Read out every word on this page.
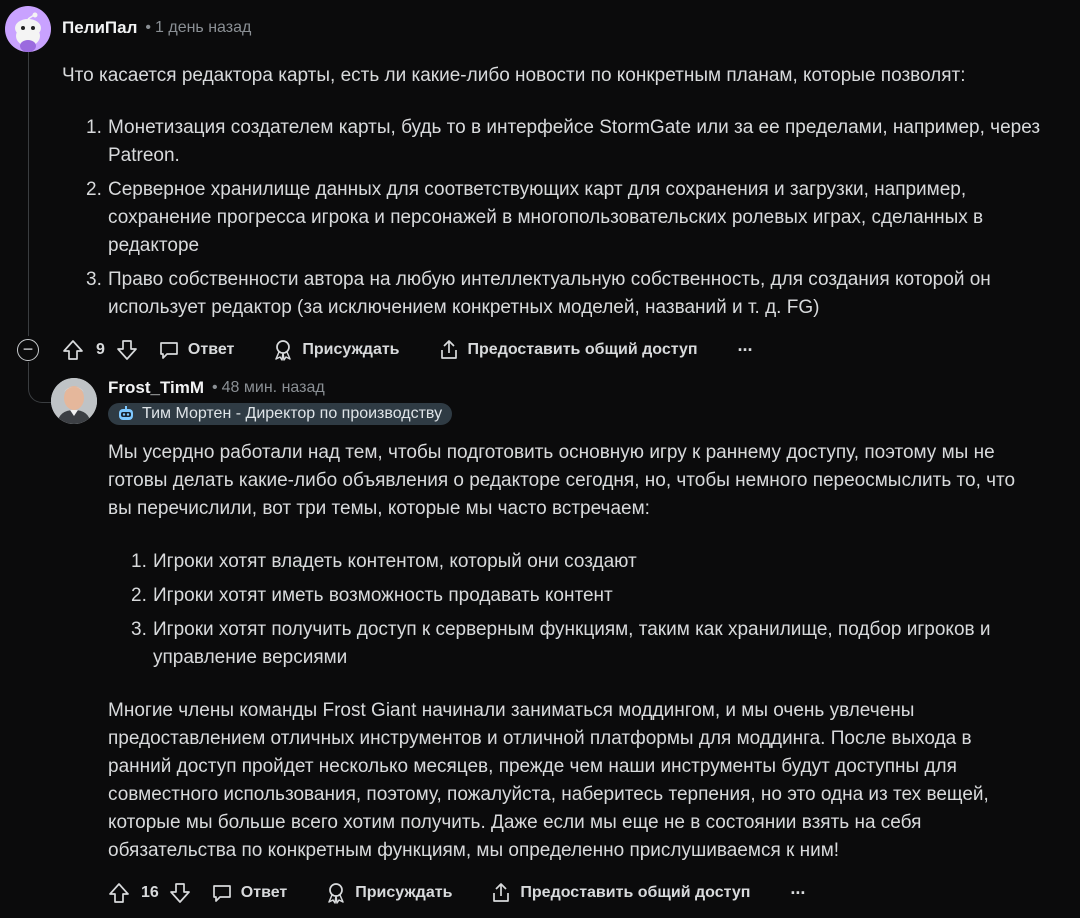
ПелиПал • 1 день назад
Что касается редактора карты, есть ли какие-либо новости по конкретным планам, которые позволят:
1. Монетизация создателем карты, будь то в интерфейсе StormGate или за ее пределами, например, через
Patreon.
2. Серверное хранилище данных для соответствующих карт для сохранения и загрузки, например,
сохранение прогресса игрока и персонажей в многопользовательских ролевых играх, сделанных в
редакторе
3. Право собственности автора на любую интеллектуальную собственность, для создания которой он
использует редактор (за исключением конкретных моделей, названий и т. д. FG)
−	9	Ответ	Присуждать	Предоставить общий доступ ···
Frost_TimM • 48 мин. назад
Тим Мортен - Директор по производству
Мы усердно работали над тем, чтобы подготовить основную игру к раннему доступу, поэтому мы не
готовы делать какие-либо объявления о редакторе сегодня, но, чтобы немного переосмыслить то, что
вы перечислили, вот три темы, которые мы часто встречаем:
1. Игроки хотят владеть контентом, который они создают
2. Игроки хотят иметь возможность продавать контент
3. Игроки хотят получить доступ к серверным функциям, таким как хранилище, подбор игроков и
управление версиями
Многие члены команды Frost Giant начинали заниматься моддингом, и мы очень увлечены
предоставлением отличных инструментов и отличной платформы для моддинга. После выхода в
ранний доступ пройдет несколько месяцев, прежде чем наши инструменты будут доступны для
совместного использования, поэтому, пожалуйста, наберитесь терпения, но это одна из тех вещей,
которые мы больше всего хотим получить. Даже если мы еще не в состоянии взять на себя
обязательства по конкретным функциям, мы определенно прислушиваемся к ним!
16	Ответ	Присуждать	Предоставить общий доступ ···
